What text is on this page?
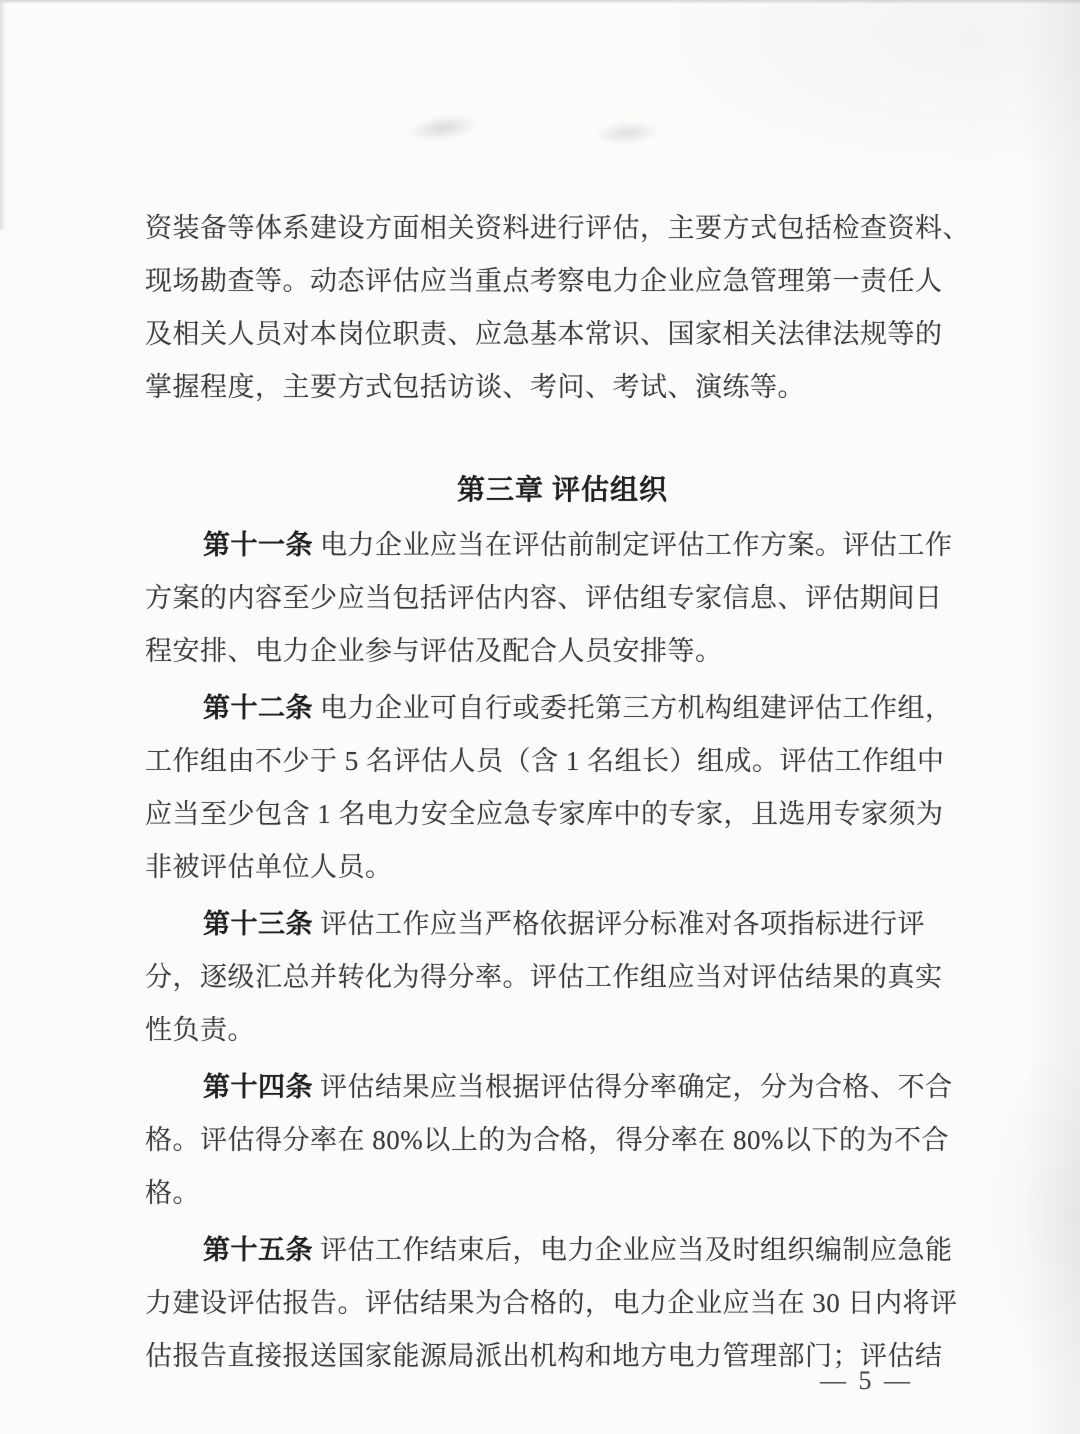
资装备等体系建设方面相关资料进行评估，主要方式包括检查资料、
现场勘查等。动态评估应当重点考察电力企业应急管理第一责任人
及相关人员对本岗位职责、应急基本常识、国家相关法律法规等的
掌握程度，主要方式包括访谈、考问、考试、演练等。
第三章 评估组织
第十一条 电力企业应当在评估前制定评估工作方案。评估工作
方案的内容至少应当包括评估内容、评估组专家信息、评估期间日
程安排、电力企业参与评估及配合人员安排等。
第十二条 电力企业可自行或委托第三方机构组建评估工作组，
工作组由不少于 5 名评估人员（含 1 名组长）组成。评估工作组中
应当至少包含 1 名电力安全应急专家库中的专家，且选用专家须为
非被评估单位人员。
第十三条 评估工作应当严格依据评分标准对各项指标进行评
分，逐级汇总并转化为得分率。评估工作组应当对评估结果的真实
性负责。
第十四条 评估结果应当根据评估得分率确定，分为合格、不合
格。评估得分率在 80%以上的为合格，得分率在 80%以下的为不合
格。
第十五条 评估工作结束后，电力企业应当及时组织编制应急能
力建设评估报告。评估结果为合格的，电力企业应当在 30 日内将评
估报告直接报送国家能源局派出机构和地方电力管理部门；评估结
— 5 —
